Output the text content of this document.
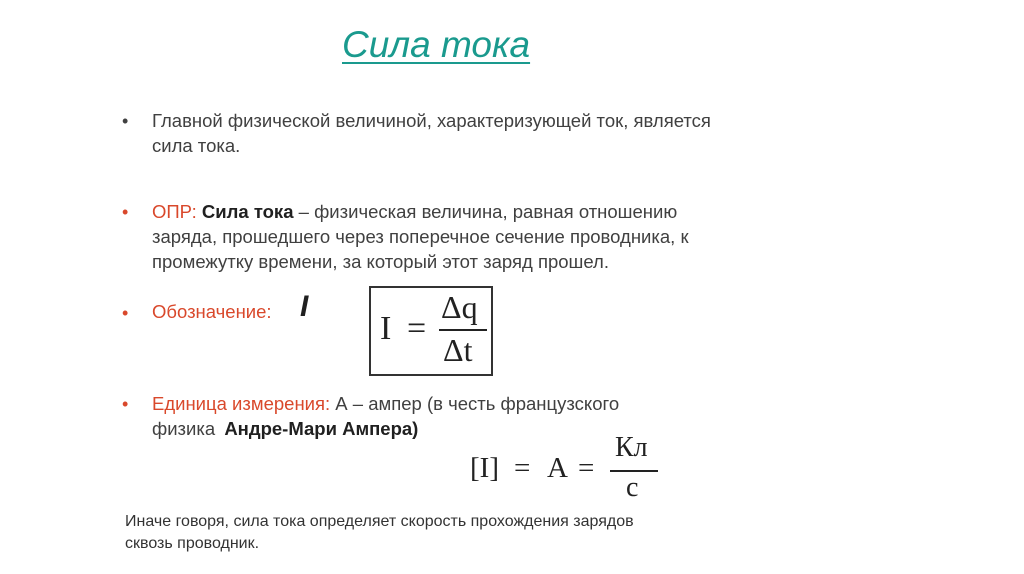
Сила тока
• Главной физической величиной, характеризующей ток, является
сила тока.
• ОПР: Сила тока – физическая величина, равная отношению
заряда, прошедшего через поперечное сечение проводника, к
промежутку времени, за который этот заряд прошел.
• Обозначение: I
I =
Δq
Δt
• Единица измерения: А – ампер (в честь французского
физика Андре-Мари Ампера)
[I] = А =
Кл
с
Иначе говоря, сила тока определяет скорость прохождения зарядов
сквозь проводник.
